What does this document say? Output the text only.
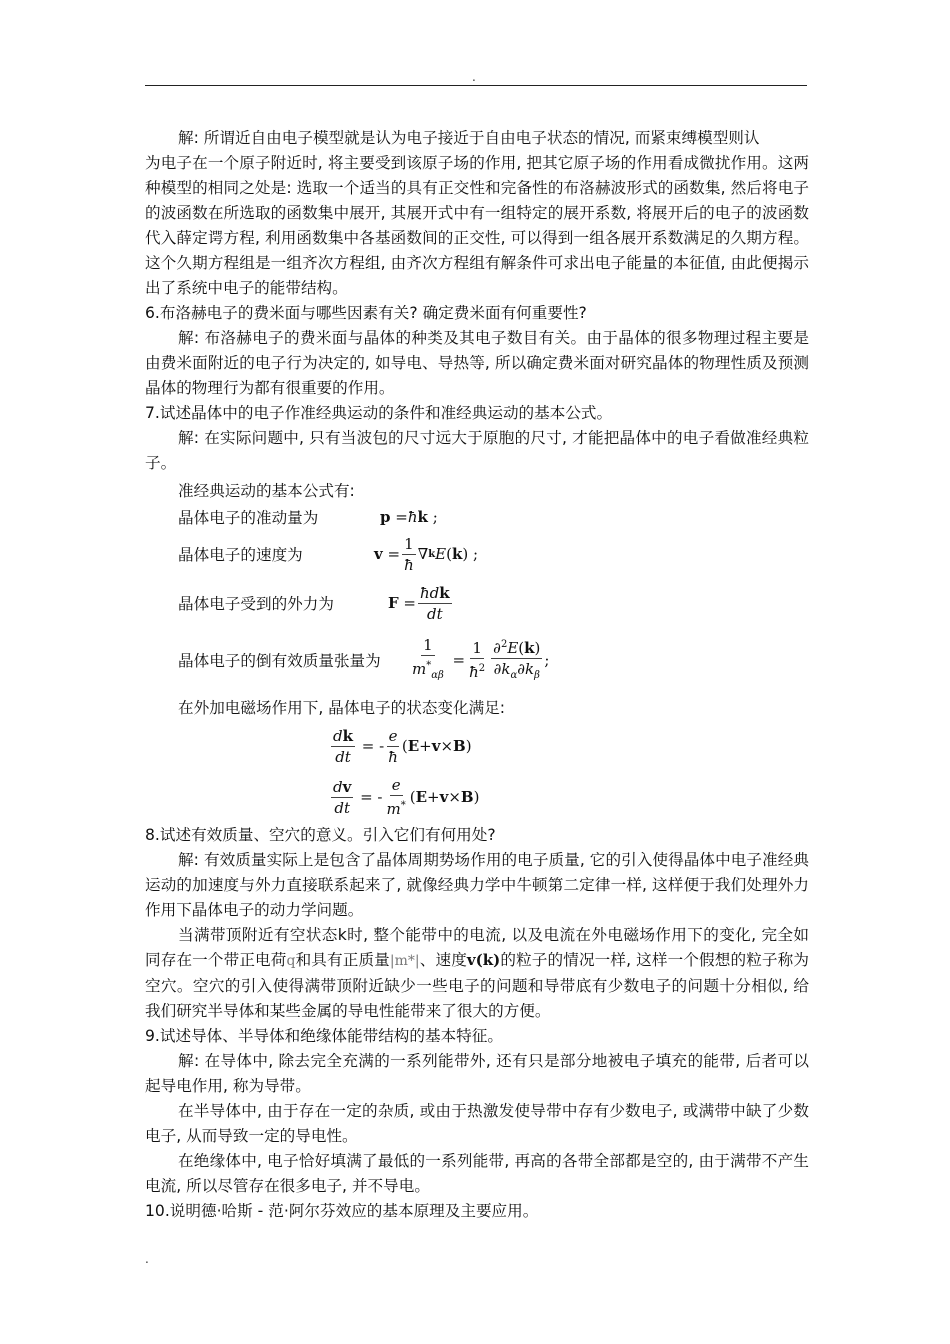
.

解: 所谓近自由电子模型就是认为电子接近于自由电子状态的情况, 而紧束缚模型则认

为电子在一个原子附近时, 将主要受到该原子场的作用, 把其它原子场的作用看成微扰作用。这两种模型的相同之处是: 选取一个适当的具有正交性和完备性的布洛赫波形式的函数集, 然后将电子的波函数在所选取的函数集中展开, 其展开式中有一组特定的展开系数, 将展开后的电子的波函数代入薛定谔方程, 利用函数集中各基函数间的正交性, 可以得到一组各展开系数满足的久期方程。这个久期方程组是一组齐次方程组, 由齐次方程组有解条件可求出电子能量的本征值, 由此便揭示出了系统中电子的能带结构。

6.布洛赫电子的费米面与哪些因素有关? 确定费米面有何重要性?

解: 布洛赫电子的费米面与晶体的种类及其电子数目有关。由于晶体的很多物理过程主要是由费米面附近的电子行为决定的, 如导电、导热等, 所以确定费米面对研究晶体的物理性质及预测晶体的物理行为都有很重要的作用。

7.试述晶体中的电子作准经典运动的条件和准经典运动的基本公式。

解: 在实际问题中, 只有当波包的尺寸远大于原胞的尺寸, 才能把晶体中的电子看做准经典粒子。

准经典运动的基本公式有:

晶体电子的准动量为	p = ħ k ;
晶体电子的速度为	$v = \frac{1}{ħ}$ ∇ k E ( k ) ;
晶体电子受到的外力为	$F = \frac{\text{ħdk}}{dt}$
晶体电子的倒有效质量张量为	$\frac{1}{m^*_{\alpha\beta}} = \frac{1}{ħ^2} \frac{\partial^2E(k)}{\partial k_\alpha\partial k_\beta}$ ;

在外加电磁场作用下, 晶体电子的状态变化满足:

$\frac{dk}{dt}$ = - $\frac{e}{ħ}$ ( E + v × B )
$\frac{dv}{dt}$ = - $\frac{e}{m^*}$ ( E + v × B )

8.试述有效质量、空穴的意义。引入它们有何用处?

解: 有效质量实际上是包含了晶体周期势场作用的电子质量, 它的引入使得晶体中电子准经典运动的加速度与外力直接联系起来了, 就像经典力学中牛顿第二定律一样, 这样便于我们处理外力作用下晶体电子的动力学问题。

当满带顶附近有空状态k时, 整个能带中的电流, 以及电流在外电磁场作用下的变化, 完全如同存在一个带正电荷q和具有正质量|m*|、速度v(k)的粒子的情况一样, 这样一个假想的粒子称为空穴。空穴的引入使得满带顶附近缺少一些电子的问题和导带底有少数电子的问题十分相似, 给我们研究半导体和某些金属的导电性能带来了很大的方便。

9.试述导体、半导体和绝缘体能带结构的基本特征。

解: 在导体中, 除去完全充满的一系列能带外, 还有只是部分地被电子填充的能带, 后者可以起导电作用, 称为导带。

在半导体中, 由于存在一定的杂质, 或由于热激发使导带中存有少数电子, 或满带中缺了少数电子, 从而导致一定的导电性。

在绝缘体中, 电子恰好填满了最低的一系列能带, 再高的各带全部都是空的, 由于满带不产生电流, 所以尽管存在很多电子, 并不导电。

10.说明德·哈斯 - 范·阿尔芬效应的基本原理及主要应用。

.
